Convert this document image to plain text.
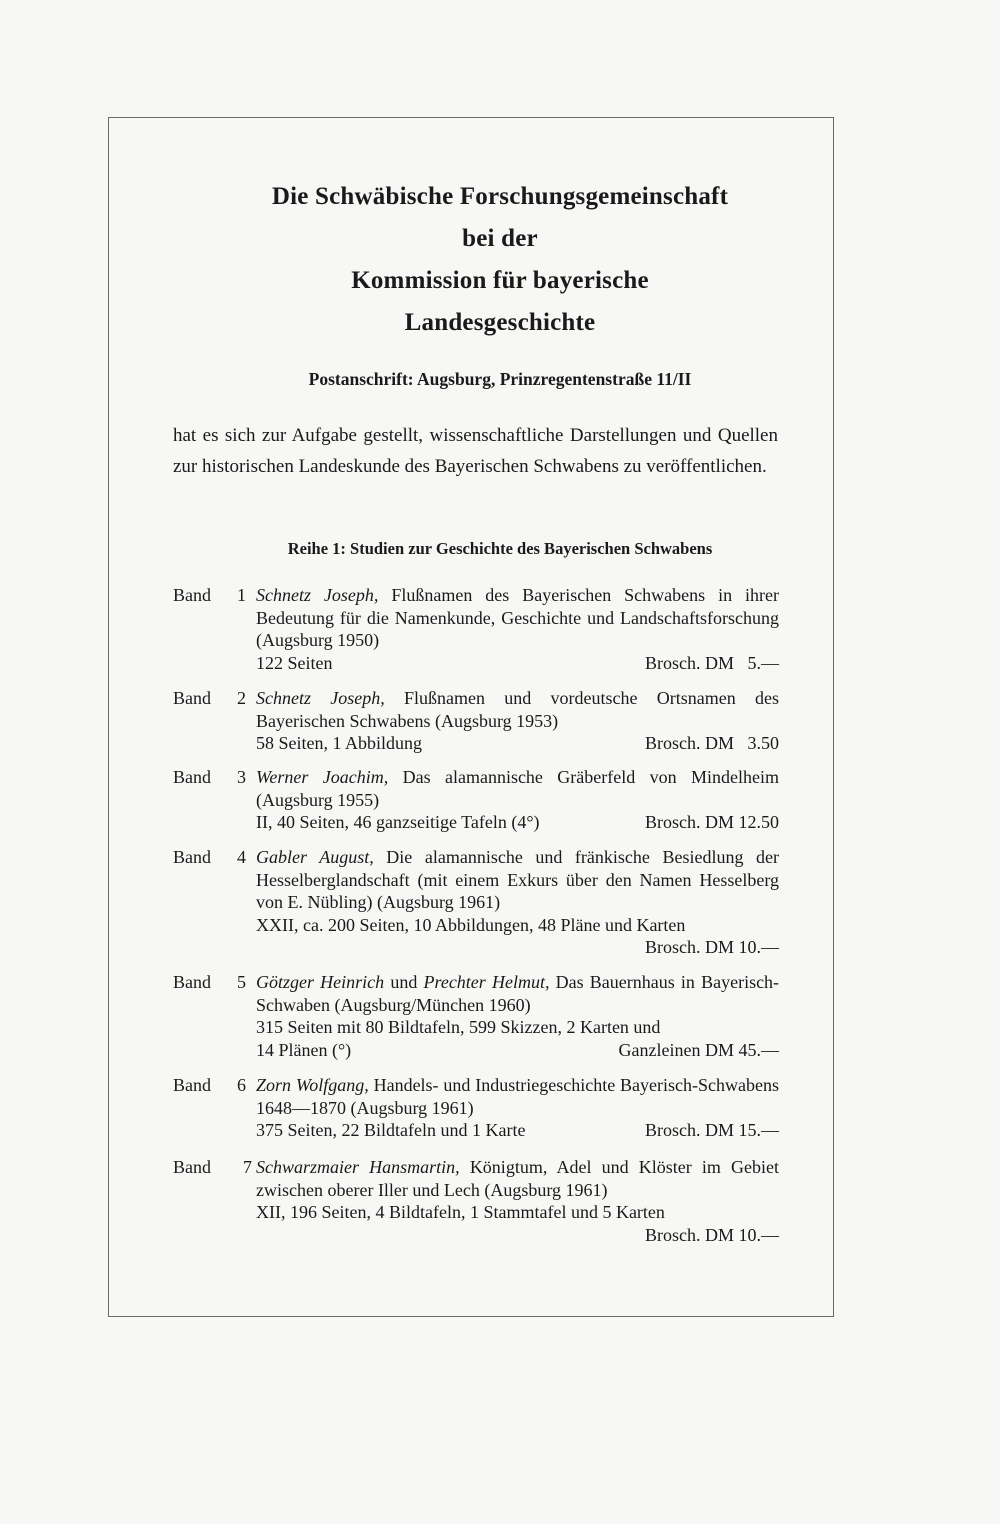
Die Schwäbische Forschungsgemeinschaft
bei der
Kommission für bayerische
Landesgeschichte
Postanschrift: Augsburg, Prinzregentenstraße 11/II
hat es sich zur Aufgabe gestellt, wissenschaftliche Darstellungen und Quellen zur historischen Landeskunde des Bayerischen Schwabens zu veröffentlichen.
Reihe 1: Studien zur Geschichte des Bayerischen Schwabens
Band 1 Schnetz Joseph, Flußnamen des Bayerischen Schwabens in ihrer Bedeutung für die Namenkunde, Geschichte und Landschaftsforschung (Augsburg 1950)
122 Seiten	Brosch. DM   5.—
Band 2 Schnetz Joseph, Flußnamen und vordeutsche Ortsnamen des Bayerischen Schwabens (Augsburg 1953)
58 Seiten, 1 Abbildung	Brosch. DM   3.50
Band 3 Werner Joachim, Das alamannische Gräberfeld von Mindelheim (Augsburg 1955)
II, 40 Seiten, 46 ganzseitige Tafeln (4°)	Brosch. DM 12.50
Band 4 Gabler August, Die alamannische und fränkische Besiedlung der Hesselberglandschaft (mit einem Exkurs über den Namen Hesselberg von E. Nübling) (Augsburg 1961)
XXII, ca. 200 Seiten, 10 Abbildungen, 48 Pläne und Karten
Brosch. DM 10.—
Band 5 Götzger Heinrich und Prechter Helmut, Das Bauernhaus in Bayerisch-Schwaben (Augsburg/München 1960)
315 Seiten mit 80 Bildtafeln, 599 Skizzen, 2 Karten und
14 Plänen (°)	Ganzleinen DM 45.—
Band 6 Zorn Wolfgang, Handels- und Industriegeschichte Bayerisch-Schwabens 1648—1870 (Augsburg 1961)
375 Seiten, 22 Bildtafeln und 1 Karte	Brosch. DM 15.—
Band 7 Schwarzmaier Hansmartin, Königtum, Adel und Klöster im Gebiet zwischen oberer Iller und Lech (Augsburg 1961)
XII, 196 Seiten, 4 Bildtafeln, 1 Stammtafel und 5 Karten
Brosch. DM 10.—
